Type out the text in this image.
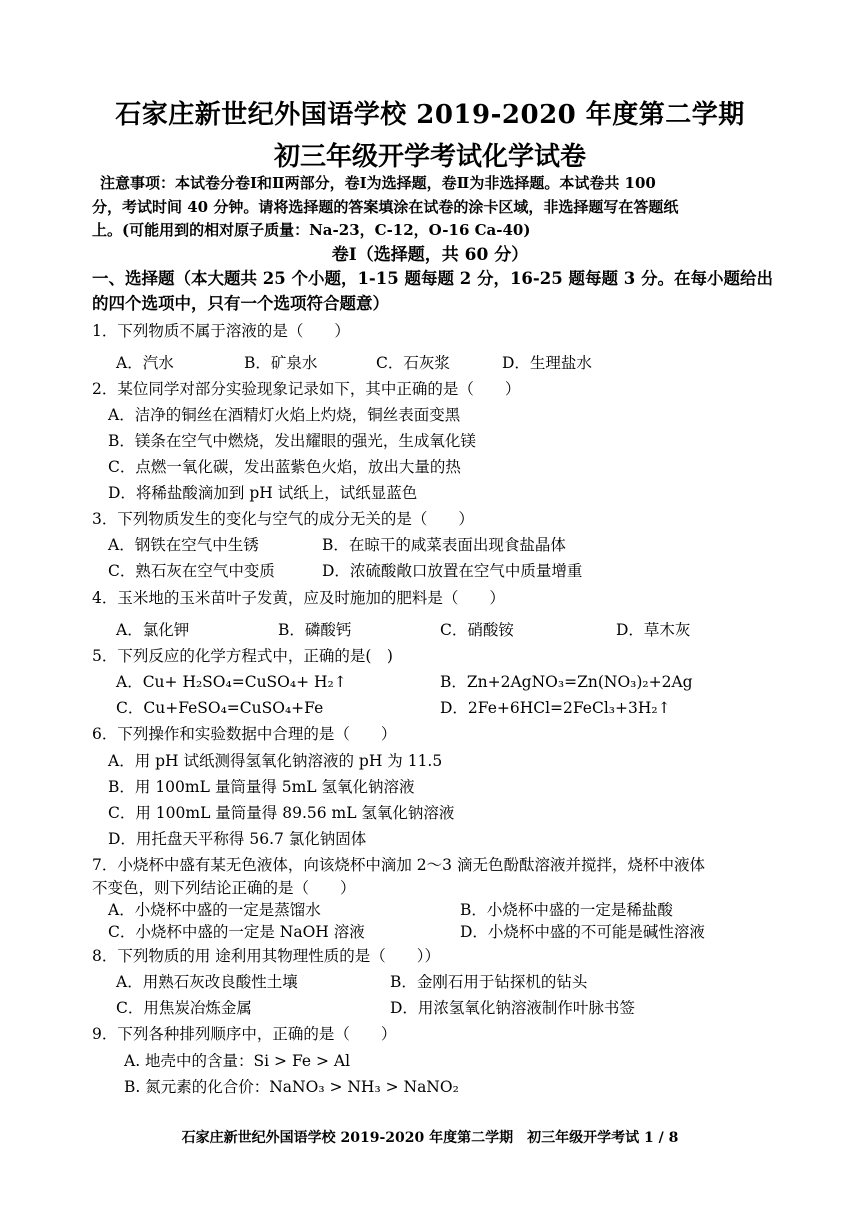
石家庄新世纪外国语学校 2019-2020 年度第二学期
初三年级开学考试化学试卷
注意事项：本试卷分卷Ⅰ和Ⅱ两部分，卷Ⅰ为选择题，卷Ⅱ为非选择题。本试卷共 100
分，考试时间 40 分钟。请将选择题的答案填涂在试卷的涂卡区域，非选择题写在答题纸
上。(可能用到的相对原子质量：Na-23，C-12，O-16 Ca-40)
卷Ⅰ（选择题，共 60 分）
一、选择题（本大题共 25 个小题，1-15 题每题 2 分，16-25 题每题 3 分。在每小题给出
的四个选项中，只有一个选项符合题意）
1．下列物质不属于溶液的是（　　）
A．汽水	B．矿泉水	C．石灰浆	D．生理盐水
2．某位同学对部分实验现象记录如下，其中正确的是（　　）
A．洁净的铜丝在酒精灯火焰上灼烧，铜丝表面变黑
B．镁条在空气中燃烧，发出耀眼的强光，生成氧化镁
C．点燃一氧化碳，发出蓝紫色火焰，放出大量的热
D．将稀盐酸滴加到 pH 试纸上，试纸显蓝色
3．下列物质发生的变化与空气的成分无关的是（　　）
A．钢铁在空气中生锈	B．在晾干的咸菜表面出现食盐晶体
C．熟石灰在空气中变质	D．浓硫酸敞口放置在空气中质量增重
4．玉米地的玉米苗叶子发黄，应及时施加的肥料是（　　）
A．氯化钾	B．磷酸钙	C．硝酸铵	D．草木灰
5．下列反应的化学方程式中，正确的是(　)
A．Cu+ H₂SO₄=CuSO₄+ H₂↑	B．Zn+2AgNO₃=Zn(NO₃)₂+2Ag
C．Cu+FeSO₄=CuSO₄+Fe	D．2Fe+6HCl=2FeCl₃+3H₂↑
6．下列操作和实验数据中合理的是（　　）
A．用 pH 试纸测得氢氧化钠溶液的 pH 为 11.5
B．用 100mL 量筒量得 5mL 氢氧化钠溶液
C．用 100mL 量筒量得 89.56 mL 氢氧化钠溶液
D．用托盘天平称得 56.7 氯化钠固体
7．小烧杯中盛有某无色液体，向该烧杯中滴加 2～3 滴无色酚酞溶液并搅拌，烧杯中液体
不变色，则下列结论正确的是（　　）
A．小烧杯中盛的一定是蒸馏水	B．小烧杯中盛的一定是稀盐酸
C．小烧杯中盛的一定是 NaOH 溶液	D．小烧杯中盛的不可能是碱性溶液
8．下列物质的用 途利用其物理性质的是（　　））
A．用熟石灰改良酸性土壤	B．金刚石用于钻探机的钻头
C．用焦炭冶炼金属	D．用浓氢氧化钠溶液制作叶脉书签
9．下列各种排列顺序中，正确的是（　　）
A. 地壳中的含量：Si > Fe > Al
B. 氮元素的化合价：NaNO₃ > NH₃ > NaNO₂
石家庄新世纪外国语学校 2019-2020 年度第二学期　初三年级开学考试 1 / 8
